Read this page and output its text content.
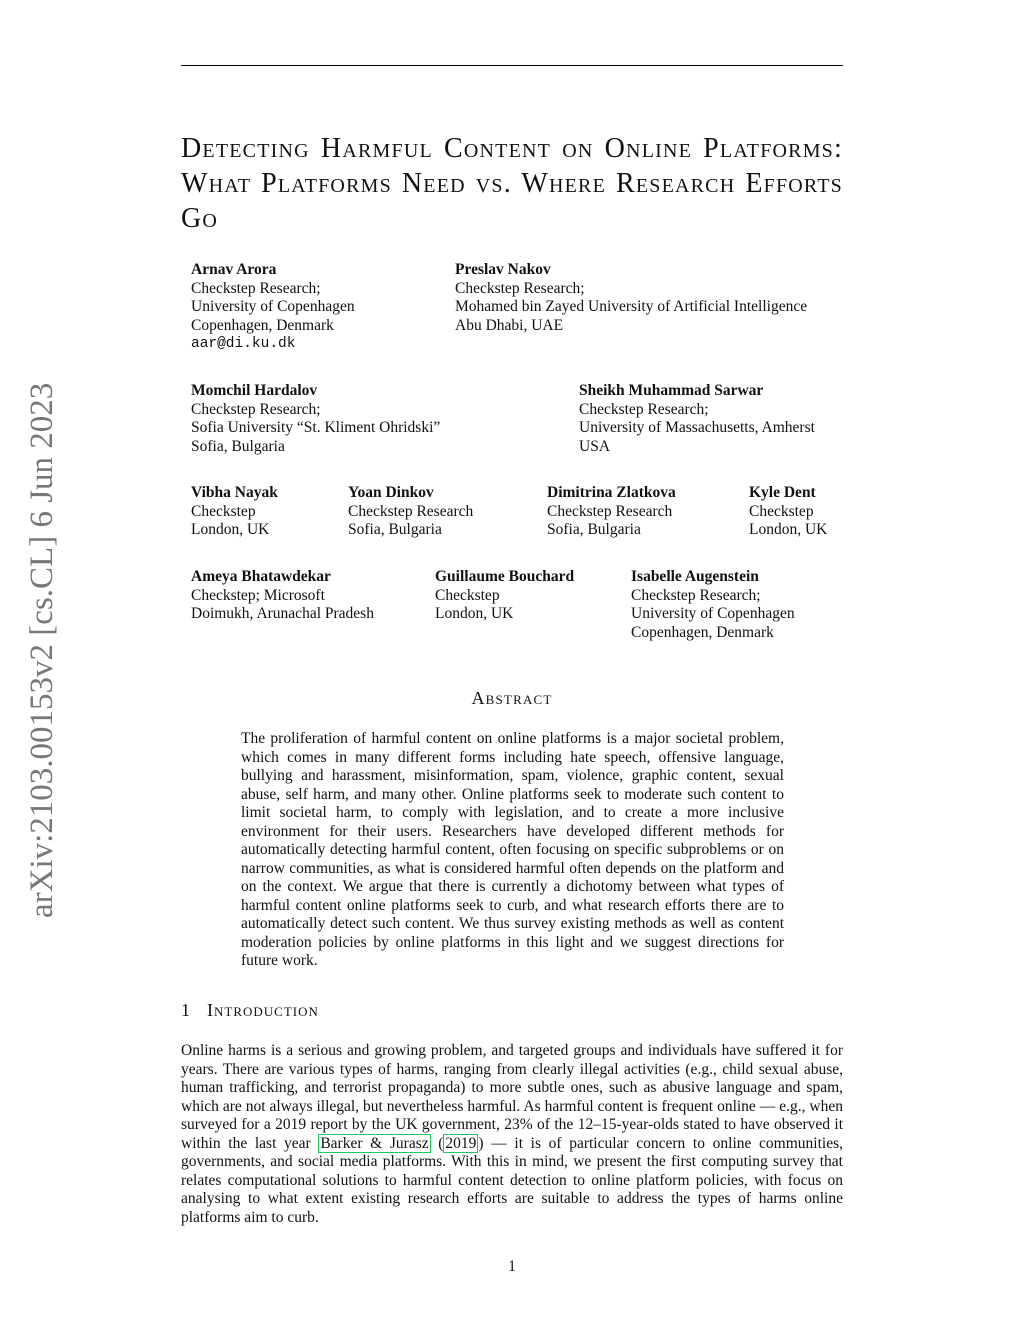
arXiv:2103.00153v2 [cs.CL] 6 Jun 2023
Detecting Harmful Content on Online Platforms: What Platforms Need vs. Where Research Efforts Go
Arnav Arora
Checkstep Research;
University of Copenhagen
Copenhagen, Denmark
aar@di.ku.dk
Preslav Nakov
Checkstep Research;
Mohamed bin Zayed University of Artificial Intelligence
Abu Dhabi, UAE
Momchil Hardalov
Checkstep Research;
Sofia University “St. Kliment Ohridski”
Sofia, Bulgaria
Sheikh Muhammad Sarwar
Checkstep Research;
University of Massachusetts, Amherst
USA
Vibha Nayak
Checkstep
London, UK
Yoan Dinkov
Checkstep Research
Sofia, Bulgaria
Dimitrina Zlatkova
Checkstep Research
Sofia, Bulgaria
Kyle Dent
Checkstep
London, UK
Ameya Bhatawdekar
Checkstep; Microsoft
Doimukh, Arunachal Pradesh
Guillaume Bouchard
Checkstep
London, UK
Isabelle Augenstein
Checkstep Research;
University of Copenhagen
Copenhagen, Denmark
Abstract

The proliferation of harmful content on online platforms is a major societal problem, which comes in many different forms including hate speech, offensive language, bullying and harassment, misinformation, spam, violence, graphic content, sexual abuse, self harm, and many other. Online platforms seek to moderate such content to limit societal harm, to comply with legislation, and to create a more inclusive environment for their users. Researchers have developed different methods for automatically detecting harmful content, often focusing on specific subproblems or on narrow communities, as what is considered harmful often depends on the platform and on the context. We argue that there is currently a dichotomy between what types of harmful content online platforms seek to curb, and what research efforts there are to automatically detect such content. We thus survey existing methods as well as content moderation policies by online platforms in this light and we suggest directions for future work.

1 Introduction

Online harms is a serious and growing problem, and targeted groups and individuals have suffered it for years. There are various types of harms, ranging from clearly illegal activities (e.g., child sexual abuse, human trafficking, and terrorist propaganda) to more subtle ones, such as abusive language and spam, which are not always illegal, but nevertheless harmful. As harmful content is frequent online — e.g., when surveyed for a 2019 report by the UK government, 23% of the 12–15-year-olds stated to have observed it within the last year Barker & Jurasz ( 2019 ) — it is of particular concern to online communities, governments, and social media platforms. With this in mind, we present the first computing survey that relates computational solutions to harmful content detection to online platform policies, with focus on analysing to what extent existing research efforts are suitable to address the types of harms online platforms aim to curb.

1
